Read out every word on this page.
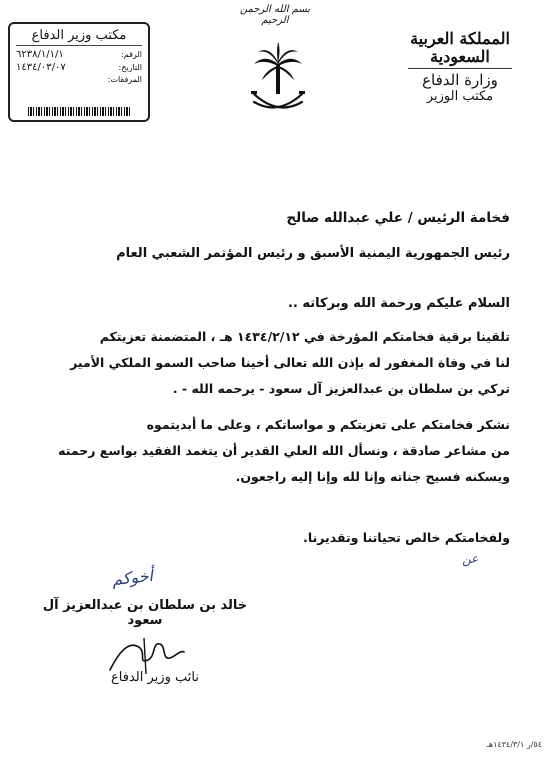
مكتب وزير الدفاع
الرقم:
٦٢٣٨/١/١/١
التاريخ:
١٤٣٤/٠٣/٠٧
المرفقات:
بسم الله الرحمن الرحيم
المملكة العربية السعودية
وزارة الدفاع
مكتب الوزير
فخامة الرئيس / علي عبدالله صالح
رئيس الجمهورية اليمنية الأسبق و رئيس المؤتمر الشعبي العام
السلام عليكم ورحمة الله وبركاته ..
تلقينا برقية فخامتكم المؤرخة في ١٤٣٤/٢/١٢ هـ ، المتضمنة تعزيتكم
لنا في وفاة المغفور له بإذن الله تعالى أخينا صاحب السمو الملكي الأمير
تركي بن سلطان بن عبدالعزيز آل سعود - يرحمه الله - .
نشكر فخامتكم على تعزيتكم و مواساتكم ، وعلى ما أبديتموه
من مشاعر صادقة ، ونسأل الله العلي القدير أن يتغمد الفقيد بواسع رحمته
ويسكنه فسيح جناته وإنا لله وإنا إليه راجعون.
ولفخامتكم خالص تحياتنا وتقديرنا.
أخوكم
عن
خالد بن سلطان بن عبدالعزيز آل سعود
نائب وزير الدفاع
٥٤/ر ١٤٣٤/٣/١هـ
